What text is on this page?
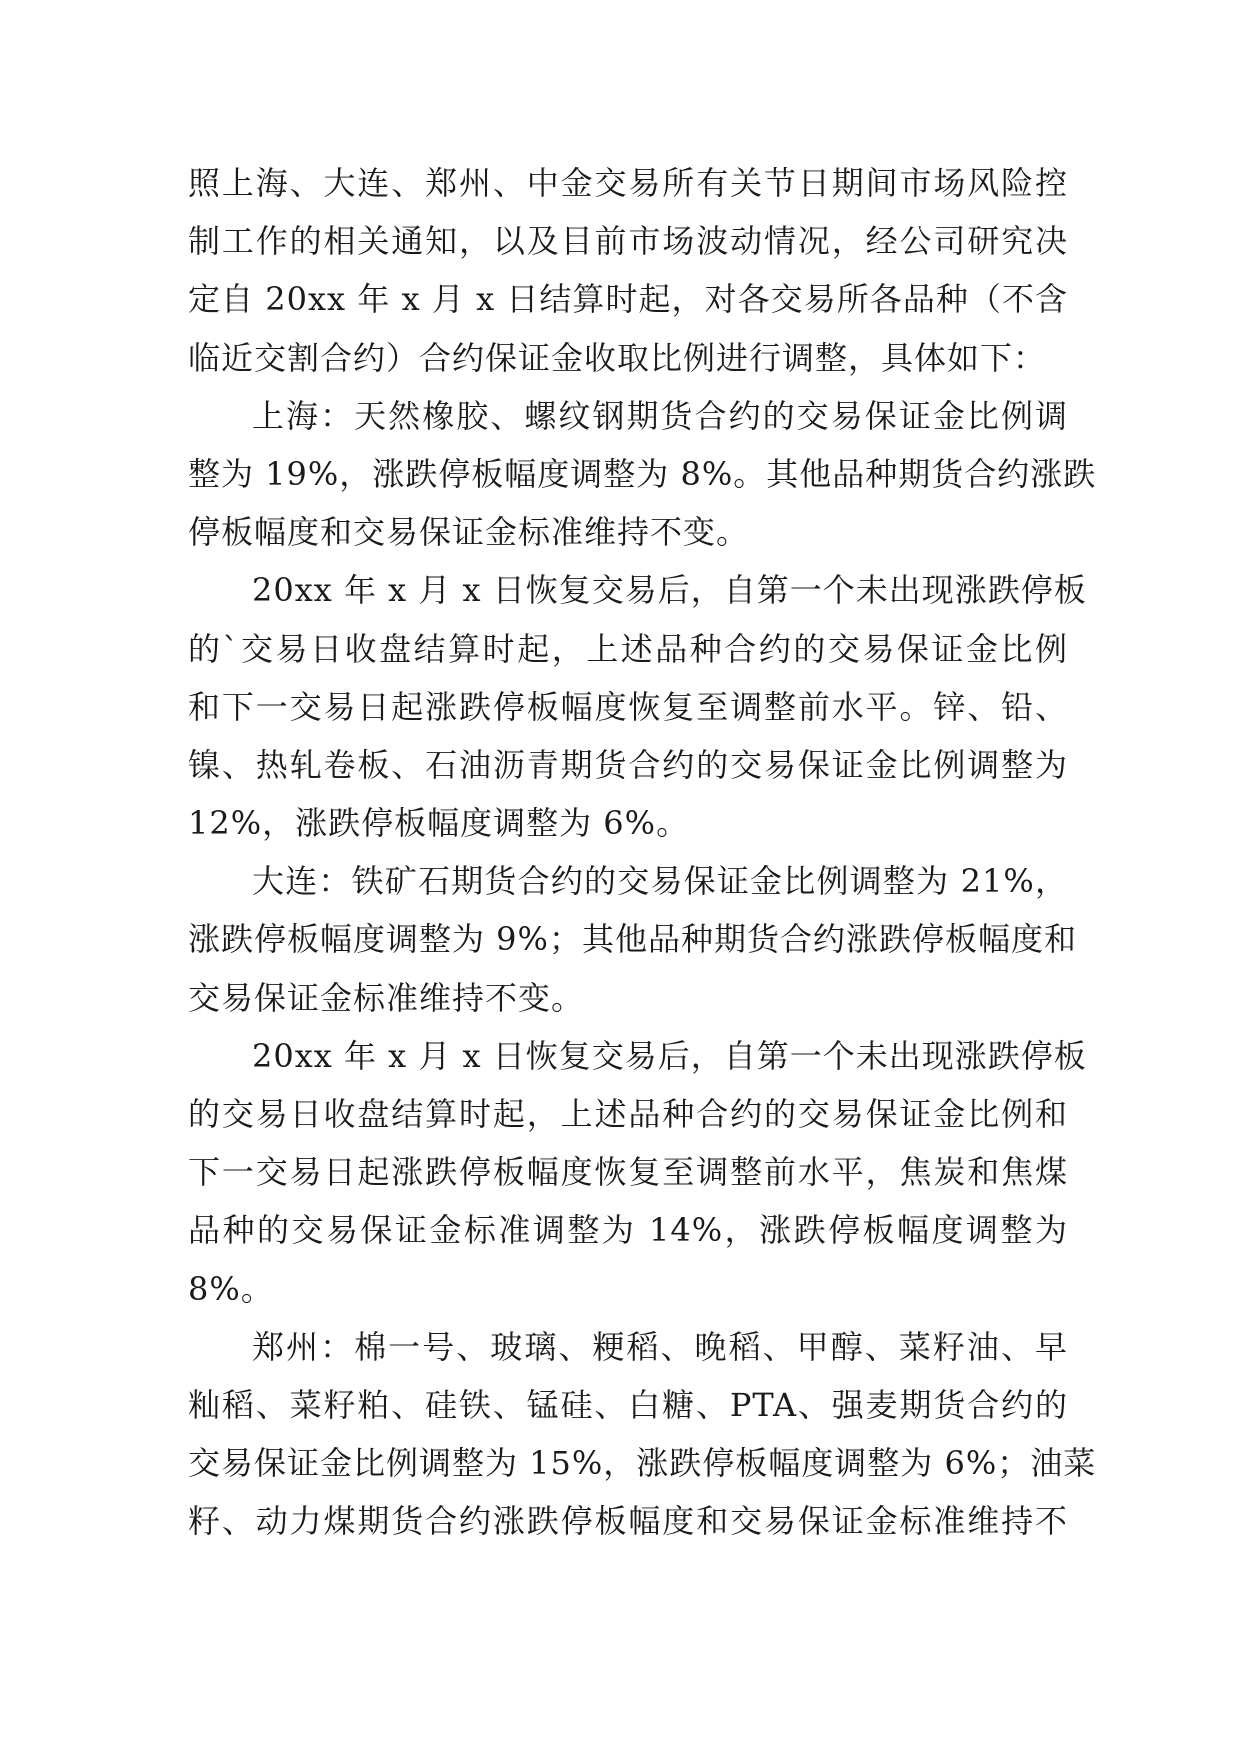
照上海、大连、郑州、中金交易所有关节日期间市场风险控
制工作的相关通知，以及目前市场波动情况，经公司研究决
定自 20xx 年 x 月 x 日结算时起，对各交易所各品种（不含
临近交割合约）合约保证金收取比例进行调整，具体如下：
上海：天然橡胶、螺纹钢期货合约的交易保证金比例调
整为 19%，涨跌停板幅度调整为 8%。其他品种期货合约涨跌
停板幅度和交易保证金标准维持不变。
20xx 年 x 月 x 日恢复交易后，自第一个未出现涨跌停板
的`交易日收盘结算时起，上述品种合约的交易保证金比例
和下一交易日起涨跌停板幅度恢复至调整前水平。锌、铅、
镍、热轧卷板、石油沥青期货合约的交易保证金比例调整为
12%，涨跌停板幅度调整为 6%。
大连：铁矿石期货合约的交易保证金比例调整为 21%，
涨跌停板幅度调整为 9%；其他品种期货合约涨跌停板幅度和
交易保证金标准维持不变。
20xx 年 x 月 x 日恢复交易后，自第一个未出现涨跌停板
的交易日收盘结算时起，上述品种合约的交易保证金比例和
下一交易日起涨跌停板幅度恢复至调整前水平，焦炭和焦煤
品种的交易保证金标准调整为 14%，涨跌停板幅度调整为
8%。
郑州：棉一号、玻璃、粳稻、晚稻、甲醇、菜籽油、早
籼稻、菜籽粕、硅铁、锰硅、白糖、PTA、强麦期货合约的
交易保证金比例调整为 15%，涨跌停板幅度调整为 6%；油菜
籽、动力煤期货合约涨跌停板幅度和交易保证金标准维持不
